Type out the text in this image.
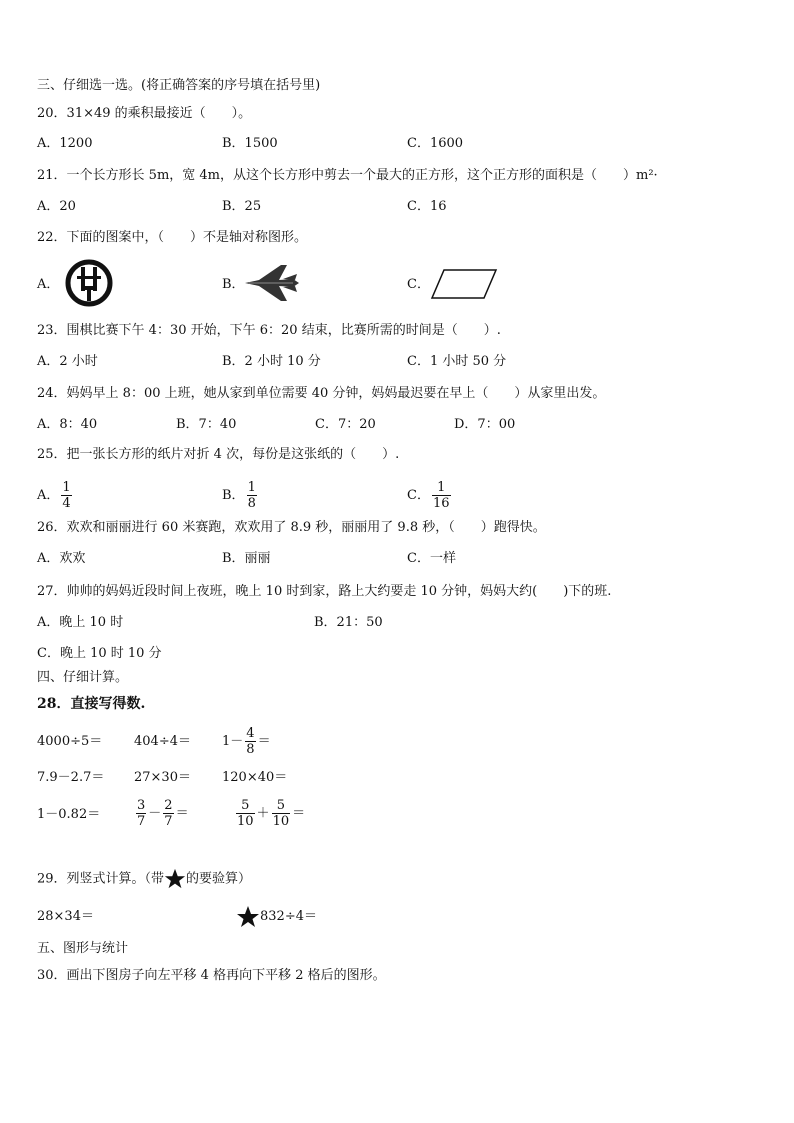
三、仔细选一选。(将正确答案的序号填在括号里)
20．31×49 的乘积最接近（　　）。
A．1200	B．1500	C．1600
21．一个长方形长 5m，宽 4m，从这个长方形中剪去一个最大的正方形，这个正方形的面积是（　　）m²·
A．20	B．25	C．16
22．下面的图案中，（　　）不是轴对称图形。
A．	B．	C．
23．围棋比赛下午 4：30 开始，下午 6：20 结束，比赛所需的时间是（　　）.
A．2 小时	B．2 小时 10 分	C．1 小时 50 分
24．妈妈早上 8：00 上班，她从家到单位需要 40 分钟，妈妈最迟要在早上（　　）从家里出发。
A．8：40	B．7：40	C．7：20	D．7：00
25．把一张长方形的纸片对折 4 次，每份是这张纸的（　　）.
A． $\frac{1}{4}$	B． $\frac{1}{8}$	C． $\frac{1}{16}$
26．欢欢和丽丽进行 60 米赛跑，欢欢用了 8.9 秒，丽丽用了 9.8 秒，（　　）跑得快。
A．欢欢	B．丽丽	C．一样
27．帅帅的妈妈近段时间上夜班，晚上 10 时到家，路上大约要走 10 分钟，妈妈大约(　　)下的班.
A．晚上 10 时	B．21：50
C．晚上 10 时 10 分
四、仔细计算。
28．直接写得数.
$4000\div 5= 404\div 4= 1- \frac{4}{8}$ ＝
7.9－2.7＝ 27×30＝ 120×40＝
1－0.82＝	$\frac{3}{7} - \frac{2}{7}$ ＝	$\frac{5}{10} + \frac{5}{10}$ ＝
29．列竖式计算。（带 的要验算）
28×34＝	832÷4＝
五、图形与统计
30．画出下图房子向左平移 4 格再向下平移 2 格后的图形。
